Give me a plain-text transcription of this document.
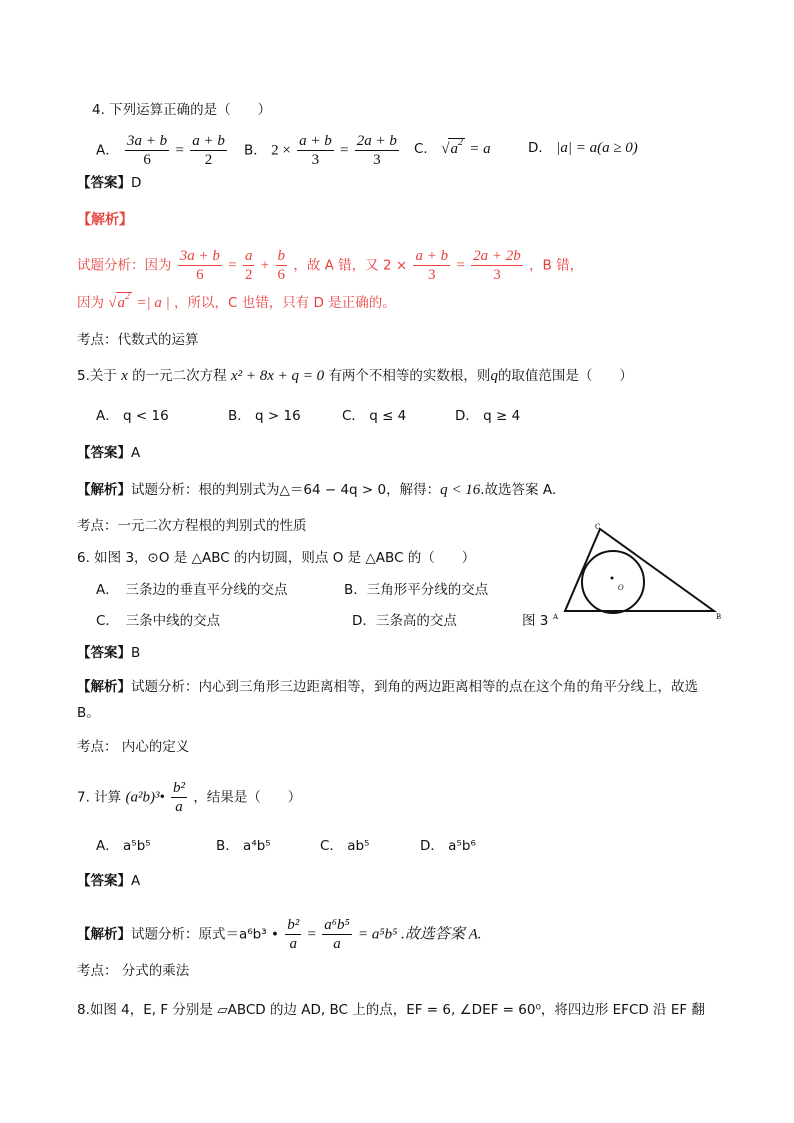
4. 下列运算正确的是（　　）
A． $\frac{3a + b}{6} = \frac{a + b}{2}$ B． $2 \times \frac{a + b}{3} = \frac{2a + b}{3}$ C． $√a^2 = a$	D． |a| = a(a ≥ 0)
【答案】D
【解析】
试题分析：因为 $\frac{3a + b}{6} = \frac{a}{2} + \frac{b}{6}$ ，故 A 错，又 $2 \times \frac{a + b}{3} = \frac{2a + 2b}{3}$ ，B 错，
因为 $√a^2$ =| a | ，所以，C 也错，只有 D 是正确的。
考点：代数式的运算
5.关于 x 的一元二次方程 x² + 8x + q = 0 有两个不相等的实数根，则q的取值范围是（　　）
A． q < 16	B． q > 16	C． q ≤ 4	D． q ≥ 4
【答案】A
【解析】试题分析：根的判别式为△＝64 − 4q > 0，解得：q < 16.故选答案 A.
考点：一元二次方程根的判别式的性质
6. 如图 3，⊙O 是 △ABC 的内切圆，则点 O 是 △ABC 的（　　）
A．　三条边的垂直平分线的交点	B．三角形平分线的交点
C．　三条中线的交点	D．三条高的交点	图 3
O
C
A	B
【答案】B
【解析】试题分析：内心到三角形三边距离相等，到角的两边距离相等的点在这个角的角平分线上，故选
B。
考点： 内心的定义
7. 计算 (a²b)³• $\frac{\text{b²}}{a}$ ，结果是（　　）
A． a⁵b⁵	B． a⁴b⁵	C． ab⁵	D． a⁵b⁶
【答案】A
【解析】试题分析：原式＝a⁶b³ • $\frac{\text{b²}}{a} = \frac{\text{a⁶b⁵}}{a} = a^5b^5$ .故选答案 A.
考点： 分式的乘法
8.如图 4，E, F 分别是 ▱ABCD 的边 AD, BC 上的点，EF = 6, ∠DEF = 60⁰，将四边形 EFCD 沿 EF 翻
